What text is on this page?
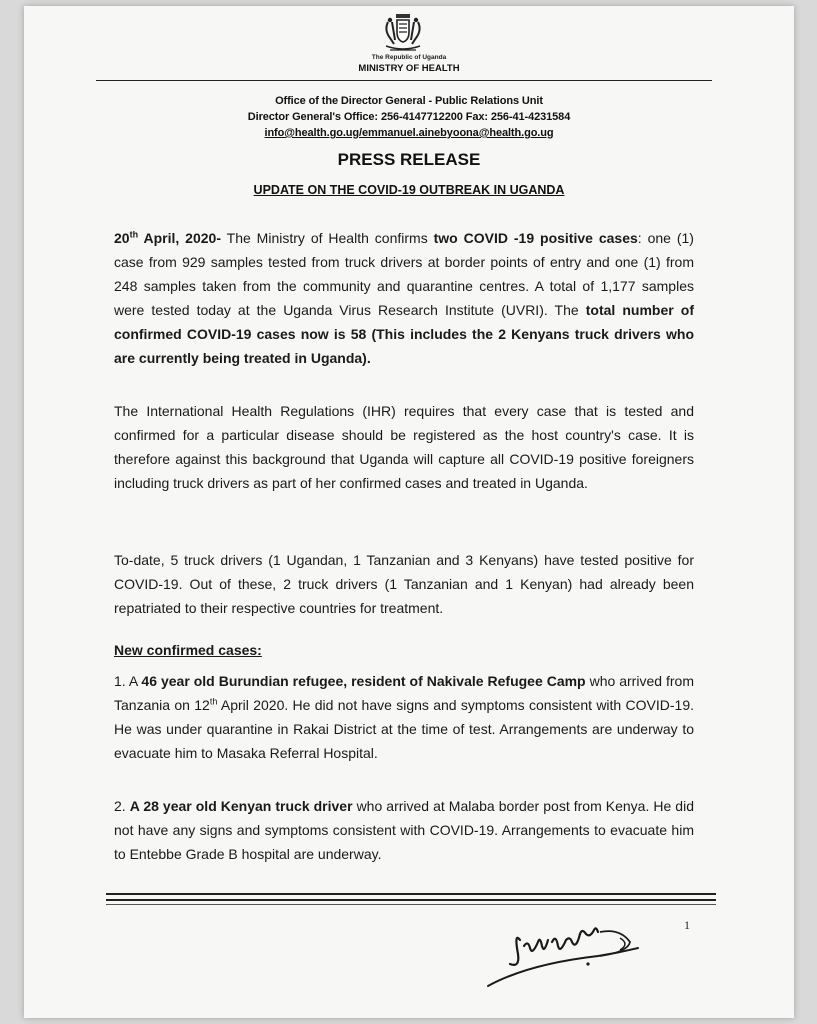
The Republic of Uganda
MINISTRY OF HEALTH
Office of the Director General - Public Relations Unit
Director General's Office: 256-4147712200 Fax: 256-41-4231584
info@health.go.ug/emmanuel.ainebyoona@health.go.ug
PRESS RELEASE
UPDATE ON THE COVID-19 OUTBREAK IN UGANDA

20th April, 2020- The Ministry of Health confirms two COVID -19 positive cases: one (1) case from 929 samples tested from truck drivers at border points of entry and one (1) from 248 samples taken from the community and quarantine centres. A total of 1,177 samples were tested today at the Uganda Virus Research Institute (UVRI). The total number of confirmed COVID-19 cases now is 58 (This includes the 2 Kenyans truck drivers who are currently being treated in Uganda).

The International Health Regulations (IHR) requires that every case that is tested and confirmed for a particular disease should be registered as the host country's case. It is therefore against this background that Uganda will capture all COVID-19 positive foreigners including truck drivers as part of her confirmed cases and treated in Uganda.

To-date, 5 truck drivers (1 Ugandan, 1 Tanzanian and 3 Kenyans) have tested positive for COVID-19. Out of these, 2 truck drivers (1 Tanzanian and 1 Kenyan) had already been repatriated to their respective countries for treatment.

New confirmed cases:

1. A 46 year old Burundian refugee, resident of Nakivale Refugee Camp who arrived from Tanzania on 12th April 2020. He did not have signs and symptoms consistent with COVID-19. He was under quarantine in Rakai District at the time of test. Arrangements are underway to evacuate him to Masaka Referral Hospital.

2. A 28 year old Kenyan truck driver who arrived at Malaba border post from Kenya. He did not have any signs and symptoms consistent with COVID-19. Arrangements to evacuate him to Entebbe Grade B hospital are underway.

1
